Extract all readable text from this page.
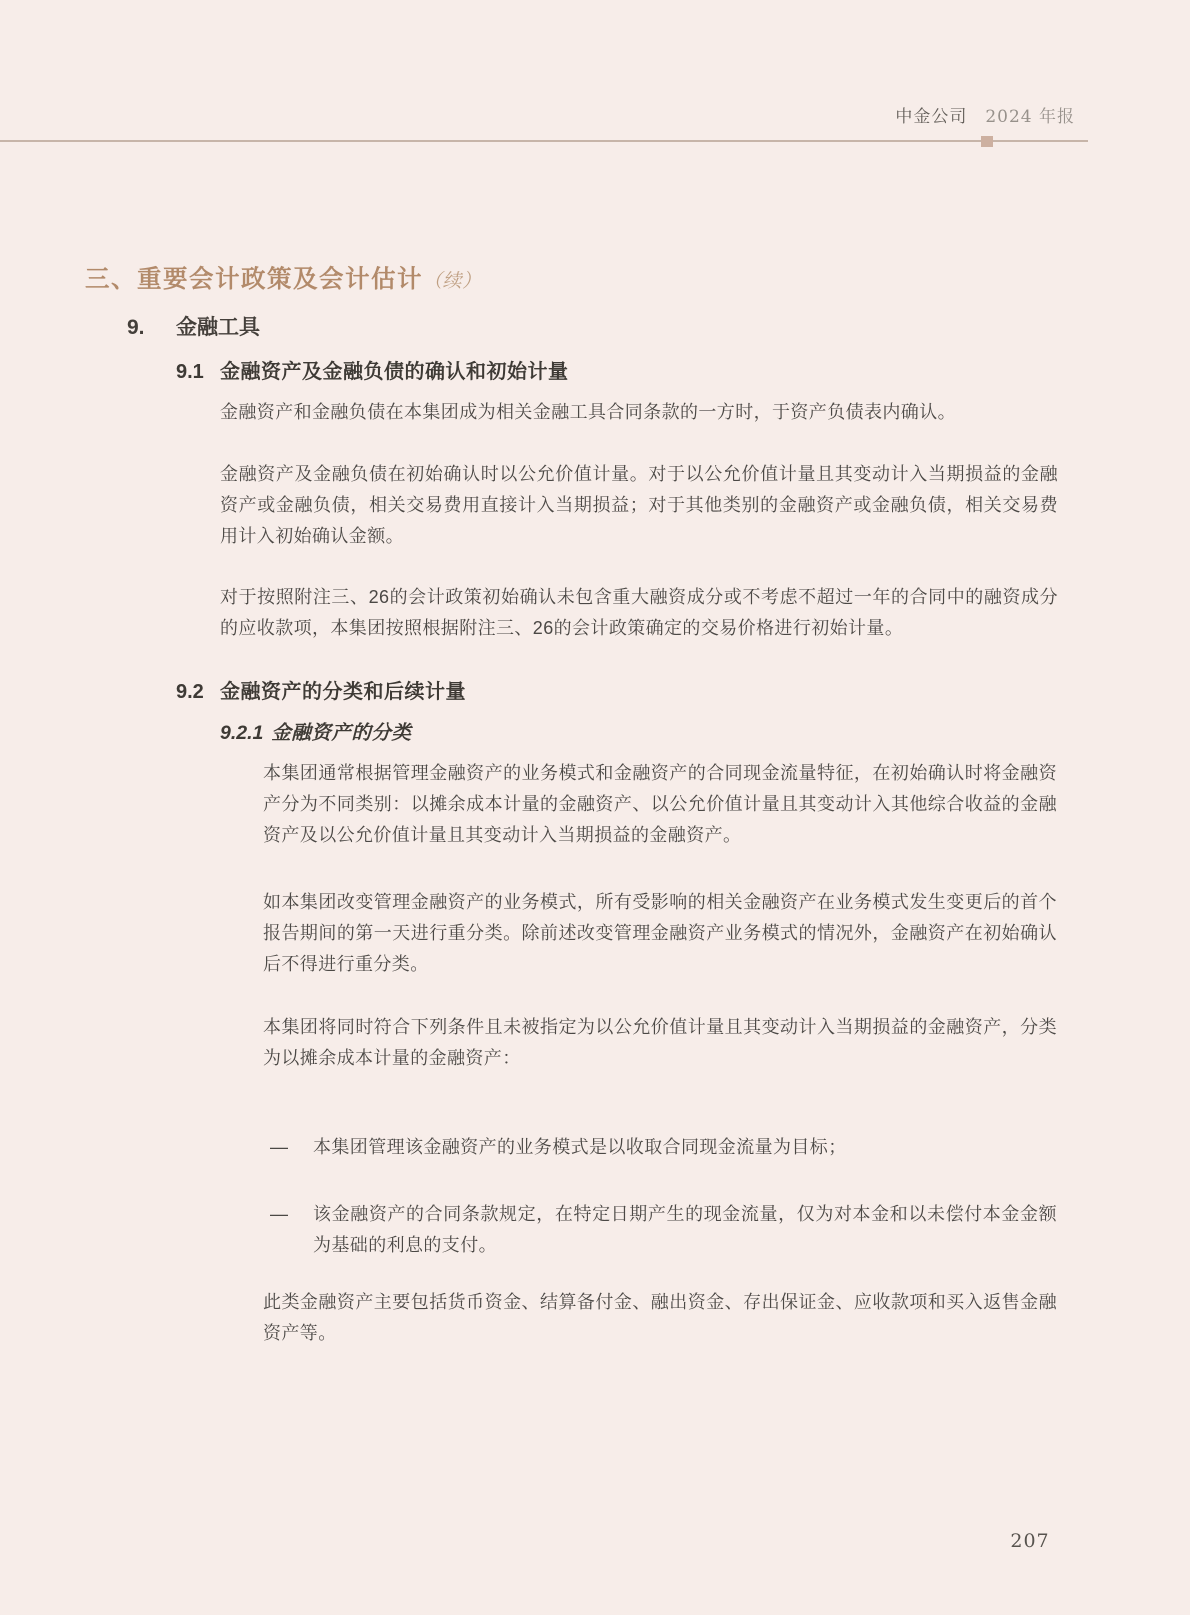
中金公司 2024 年报
三、重要会计政策及会计估计（续）
9. 金融工具
9.1 金融资产及金融负债的确认和初始计量
金融资产和金融负债在本集团成为相关金融工具合同条款的一方时，于资产负债表内确认。
金融资产及金融负债在初始确认时以公允价值计量。对于以公允价值计量且其变动计入当期损益的金融资产或金融负债，相关交易费用直接计入当期损益；对于其他类别的金融资产或金融负债，相关交易费用计入初始确认金额。
对于按照附注三、26的会计政策初始确认未包含重大融资成分或不考虑不超过一年的合同中的融资成分的应收款项，本集团按照根据附注三、26的会计政策确定的交易价格进行初始计量。
9.2 金融资产的分类和后续计量
9.2.1 金融资产的分类
本集团通常根据管理金融资产的业务模式和金融资产的合同现金流量特征，在初始确认时将金融资产分为不同类别：以摊余成本计量的金融资产、以公允价值计量且其变动计入其他综合收益的金融资产及以公允价值计量且其变动计入当期损益的金融资产。
如本集团改变管理金融资产的业务模式，所有受影响的相关金融资产在业务模式发生变更后的首个报告期间的第一天进行重分类。除前述改变管理金融资产业务模式的情况外，金融资产在初始确认后不得进行重分类。
本集团将同时符合下列条件且未被指定为以公允价值计量且其变动计入当期损益的金融资产，分类为以摊余成本计量的金融资产：
— 本集团管理该金融资产的业务模式是以收取合同现金流量为目标；
— 该金融资产的合同条款规定，在特定日期产生的现金流量，仅为对本金和以未偿付本金金额为基础的利息的支付。
此类金融资产主要包括货币资金、结算备付金、融出资金、存出保证金、应收款项和买入返售金融资产等。
207
